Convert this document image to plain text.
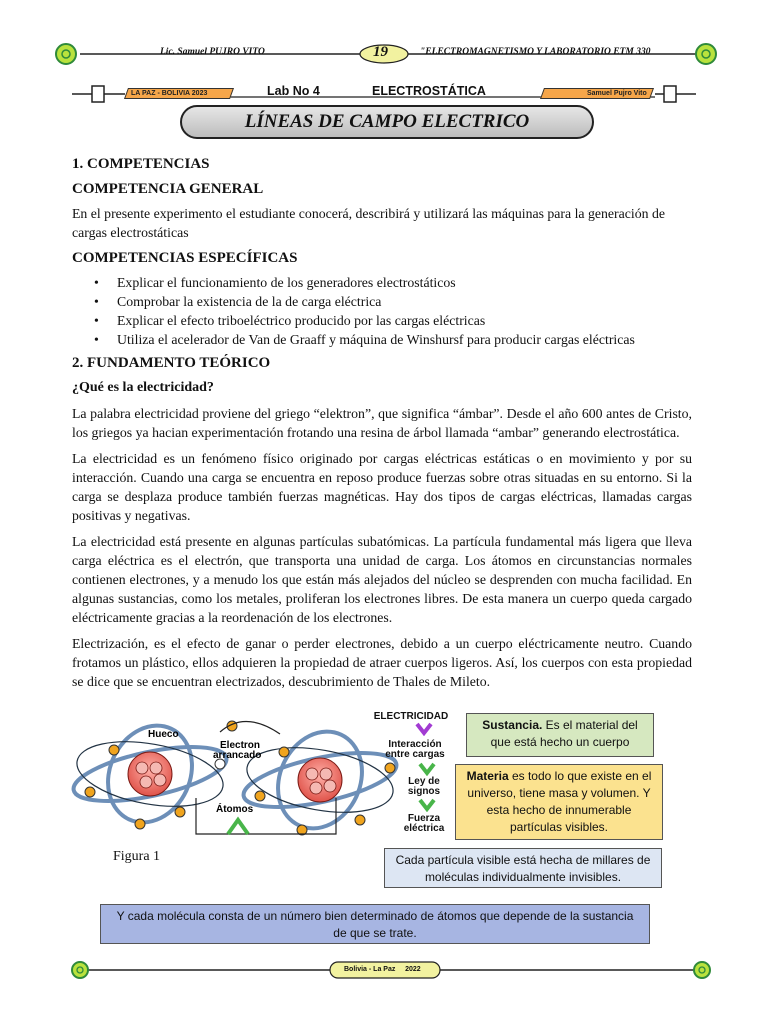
Lic. Samuel PUJRO VITO	19	"ELECTROMAGNETISMO Y LABORATORIO ETM 330
LA PAZ - BOLIVIA 2023	Lab No 4	ELECTROSTÁTICA	Samuel Pujro Vito
LÍNEAS DE CAMPO ELECTRICO
1. COMPETENCIAS
COMPETENCIA GENERAL

En el presente experimento el estudiante conocerá, describirá y utilizará las máquinas para la generación de cargas electrostáticas

COMPETENCIAS ESPECÍFICAS
• Explicar el funcionamiento de los generadores electrostáticos
• Comprobar la existencia de la de carga eléctrica
• Explicar el efecto triboeléctrico producido por las cargas eléctricas
• Utiliza el acelerador de Van de Graaff y máquina de Winshursf para producir cargas eléctricas
2. FUNDAMENTO TEÓRICO
¿Qué es la electricidad?

La palabra electricidad proviene del griego “elektron”, que significa “ámbar”. Desde el año 600 antes de Cristo, los griegos ya hacian experimentación frotando una resina de árbol llamada “ambar” generando electrostática.

La electricidad es un fenómeno físico originado por cargas eléctricas estáticas o en movimiento y por su interacción. Cuando una carga se encuentra en reposo produce fuerzas sobre otras situadas en su entorno. Si la carga se desplaza produce también fuerzas magnéticas. Hay dos tipos de cargas eléctricas, llamadas cargas positivas y negativas.

La electricidad está presente en algunas partículas subatómicas. La partícula fundamental más ligera que lleva carga eléctrica es el electrón, que transporta una unidad de carga. Los átomos en circunstancias normales contienen electrones, y a menudo los que están más alejados del núcleo se desprenden con mucha facilidad. En algunas sustancias, como los metales, proliferan los electrones libres. De esta manera un cuerpo queda cargado eléctricamente gracias a la reordenación de los electrones.

Electrización, es el efecto de ganar o perder electrones, debido a un cuerpo eléctricamente neutro. Cuando frotamos un plástico, ellos adquieren la propiedad de atraer cuerpos ligeros. Así, los cuerpos con esta propiedad se dice que se encuentran electrizados, descubrimiento de Thales de Mileto.

Electron
arrancado
Hueco
Átomos
ELECTRICIDAD
Interacción
entre cargas
Ley de
signos
Fuerza
eléctrica
Figura 1
Sustancia. Es el material del que está hecho un cuerpo
Materia es todo lo que existe en el universo, tiene masa y volumen. Y esta hecho de innumerable partículas visibles.
Cada partícula visible está hecha de millares de moléculas individualmente invisibles.
Y cada molécula consta de un número bien determinado de átomos que depende de la sustancia de que se trate.
Bolivia - La Paz     2022
